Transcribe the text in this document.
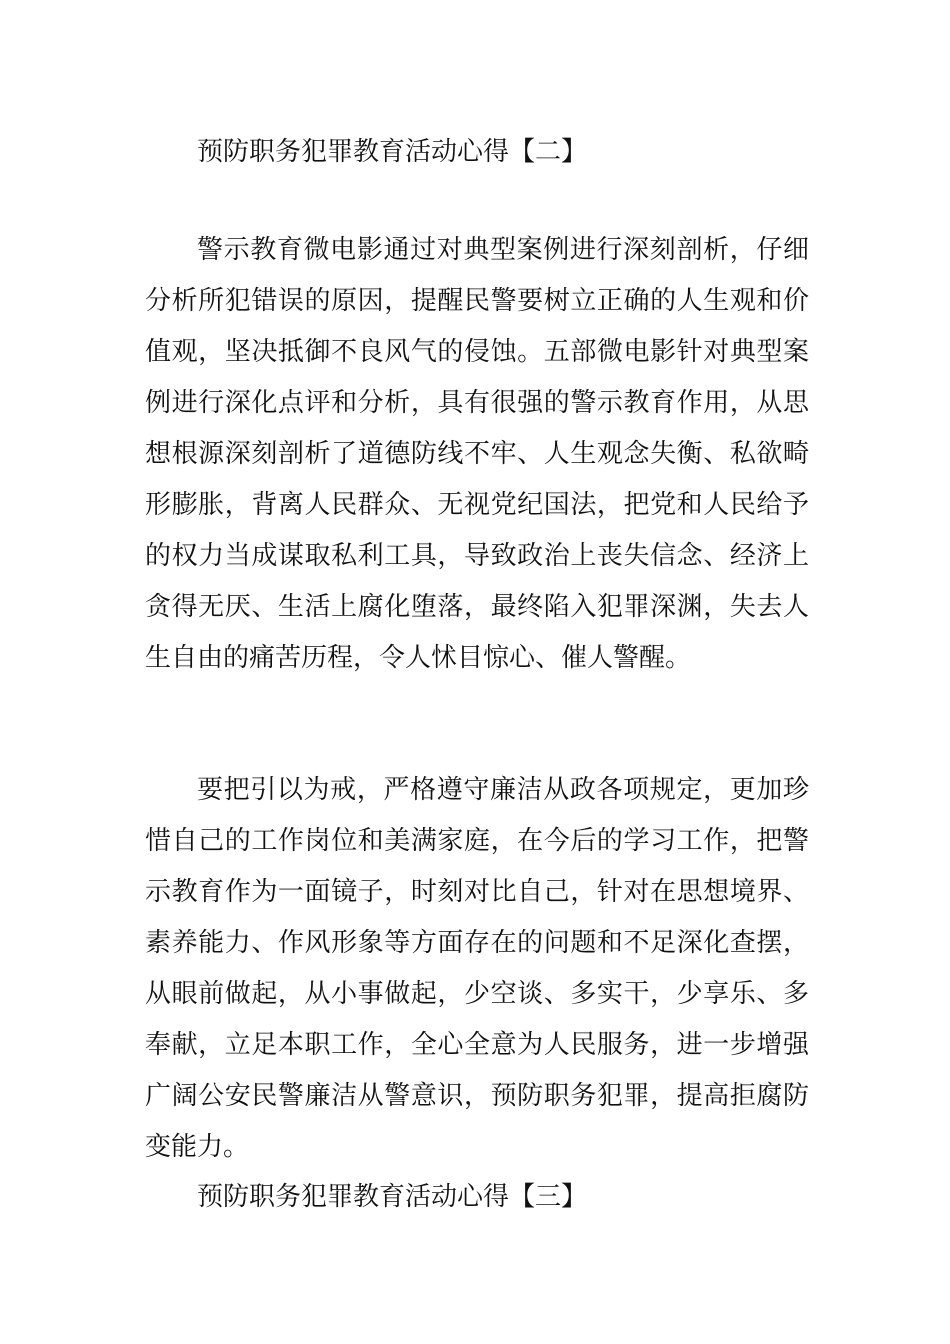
预防职务犯罪教育活动心得【二】

警示教育微电影通过对典型案例进行深刻剖析，仔细分析所犯错误的原因，提醒民警要树立正确的人生观和价值观，坚决抵御不良风气的侵蚀。五部微电影针对典型案例进行深化点评和分析，具有很强的警示教育作用，从思想根源深刻剖析了道德防线不牢、人生观念失衡、私欲畸形膨胀，背离人民群众、无视党纪国法，把党和人民给予的权力当成谋取私利工具，导致政治上丧失信念、经济上贪得无厌、生活上腐化堕落，最终陷入犯罪深渊，失去人生自由的痛苦历程，令人怵目惊心、催人警醒。

要把引以为戒，严格遵守廉洁从政各项规定，更加珍惜自己的工作岗位和美满家庭，在今后的学习工作，把警示教育作为一面镜子，时刻对比自己，针对在思想境界、素养能力、作风形象等方面存在的问题和不足深化查摆，从眼前做起，从小事做起，少空谈、多实干，少享乐、多奉献，立足本职工作，全心全意为人民服务，进一步增强广阔公安民警廉洁从警意识，预防职务犯罪，提高拒腐防变能力。

预防职务犯罪教育活动心得【三】
